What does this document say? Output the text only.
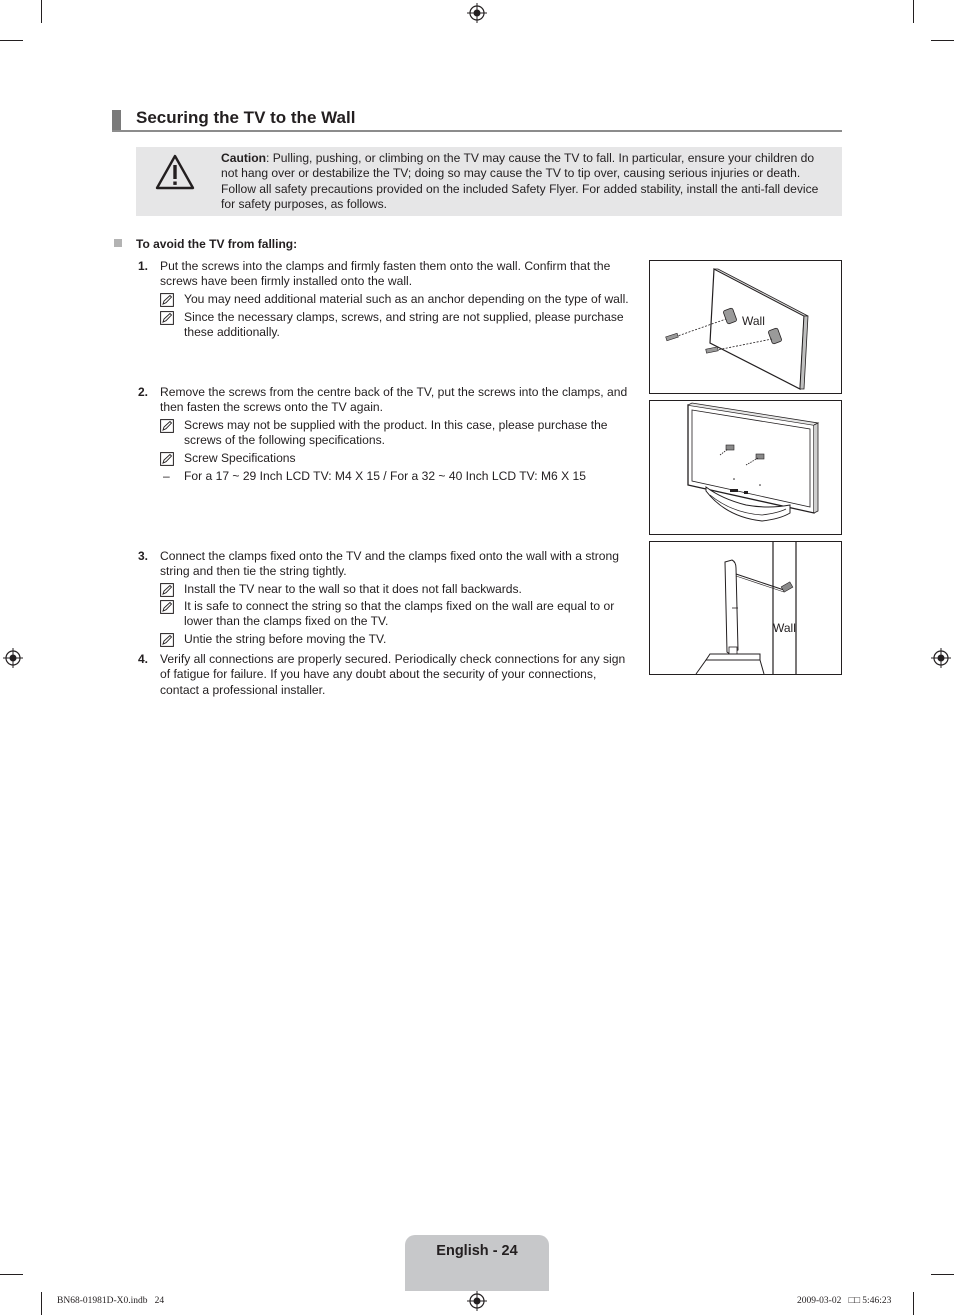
Securing the TV to the Wall
Caution: Pulling, pushing, or climbing on the TV may cause the TV to fall. In particular, ensure your children do not hang over or destabilize the TV; doing so may cause the TV to tip over, causing serious injuries or death. Follow all safety precautions provided on the included Safety Flyer. For added stability, install the anti-fall device for safety purposes, as follows.
To avoid the TV from falling:
1. Put the screws into the clamps and firmly fasten them onto the wall. Confirm that the screws have been firmly installed onto the wall.
You may need additional material such as an anchor depending on the type of wall.
Since the necessary clamps, screws, and string are not supplied, please purchase these additionally.
2. Remove the screws from the centre back of the TV, put the screws into the clamps, and then fasten the screws onto the TV again.
Screws may not be supplied with the product. In this case, please purchase the screws of the following specifications.
Screw Specifications
– For a 17 ~ 29 Inch LCD TV: M4 X 15 / For a 32 ~ 40 Inch LCD TV: M6 X 15
3. Connect the clamps fixed onto the TV and the clamps fixed onto the wall with a strong string and then tie the string tightly.
Install the TV near to the wall so that it does not fall backwards.
It is safe to connect the string so that the clamps fixed on the wall are equal to or lower than the clamps fixed on the TV.
Untie the string before moving the TV.
4. Verify all connections are properly secured. Periodically check connections for any sign of fatigue for failure. If you have any doubt about the security of your connections, contact a professional installer.
Wall
Wall
English - 24
BN68-01981D-X0.indb   24	2009-03-02   □□ 5:46:23
